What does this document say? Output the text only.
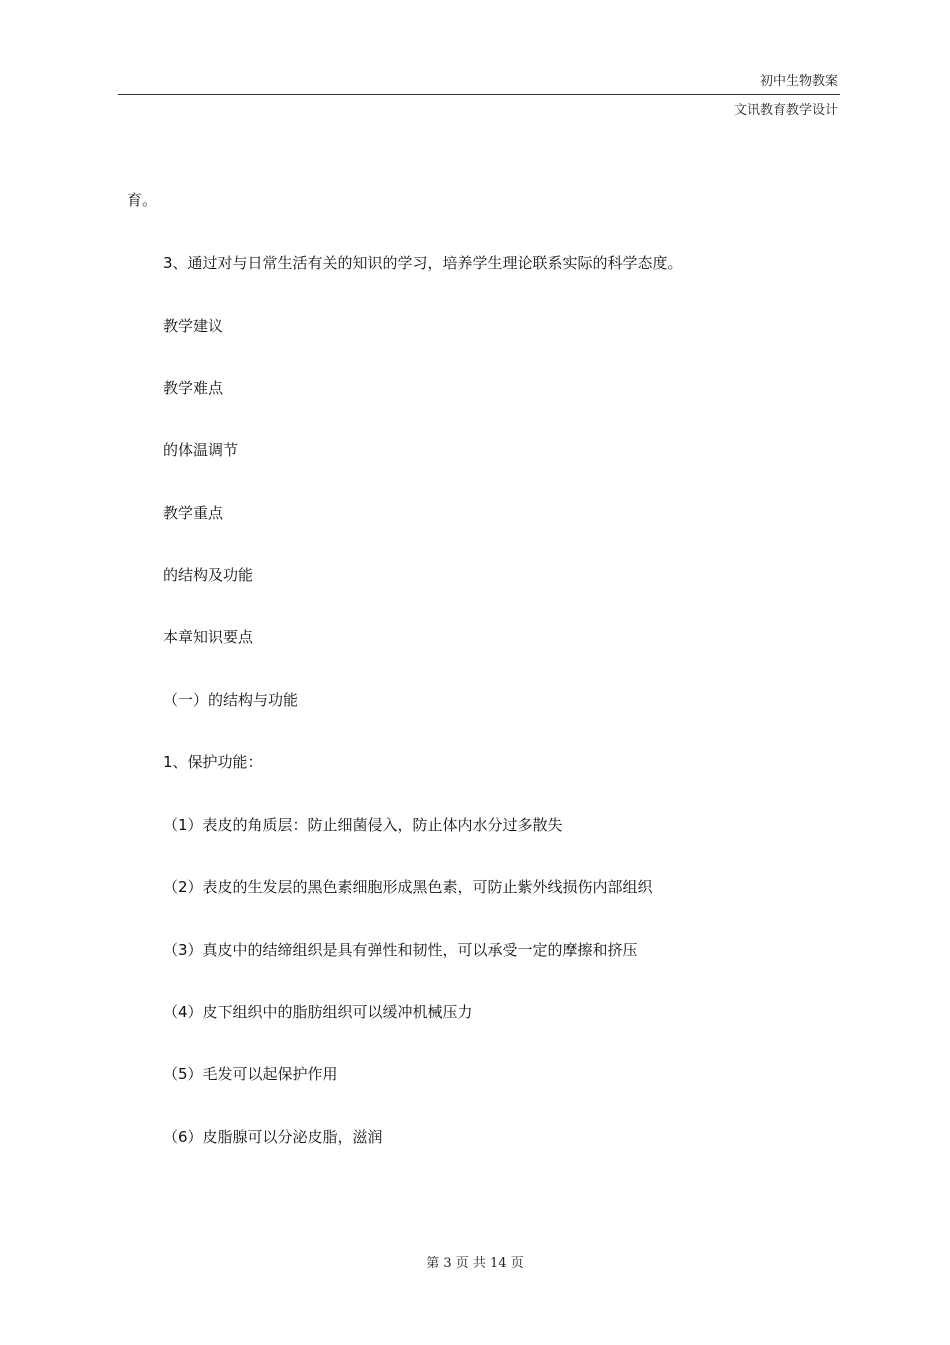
初中生物教案
文讯教育教学设计
育。
3、通过对与日常生活有关的知识的学习，培养学生理论联系实际的科学态度。
教学建议
教学难点
的体温调节
教学重点
的结构及功能
本章知识要点
（一）的结构与功能
1、保护功能：
（1）表皮的角质层：防止细菌侵入，防止体内水分过多散失
（2）表皮的生发层的黑色素细胞形成黑色素，可防止紫外线损伤内部组织
（3）真皮中的结缔组织是具有弹性和韧性，可以承受一定的摩擦和挤压
（4）皮下组织中的脂肪组织可以缓冲机械压力
（5）毛发可以起保护作用
（6）皮脂腺可以分泌皮脂，滋润
第 3 页 共 14 页
